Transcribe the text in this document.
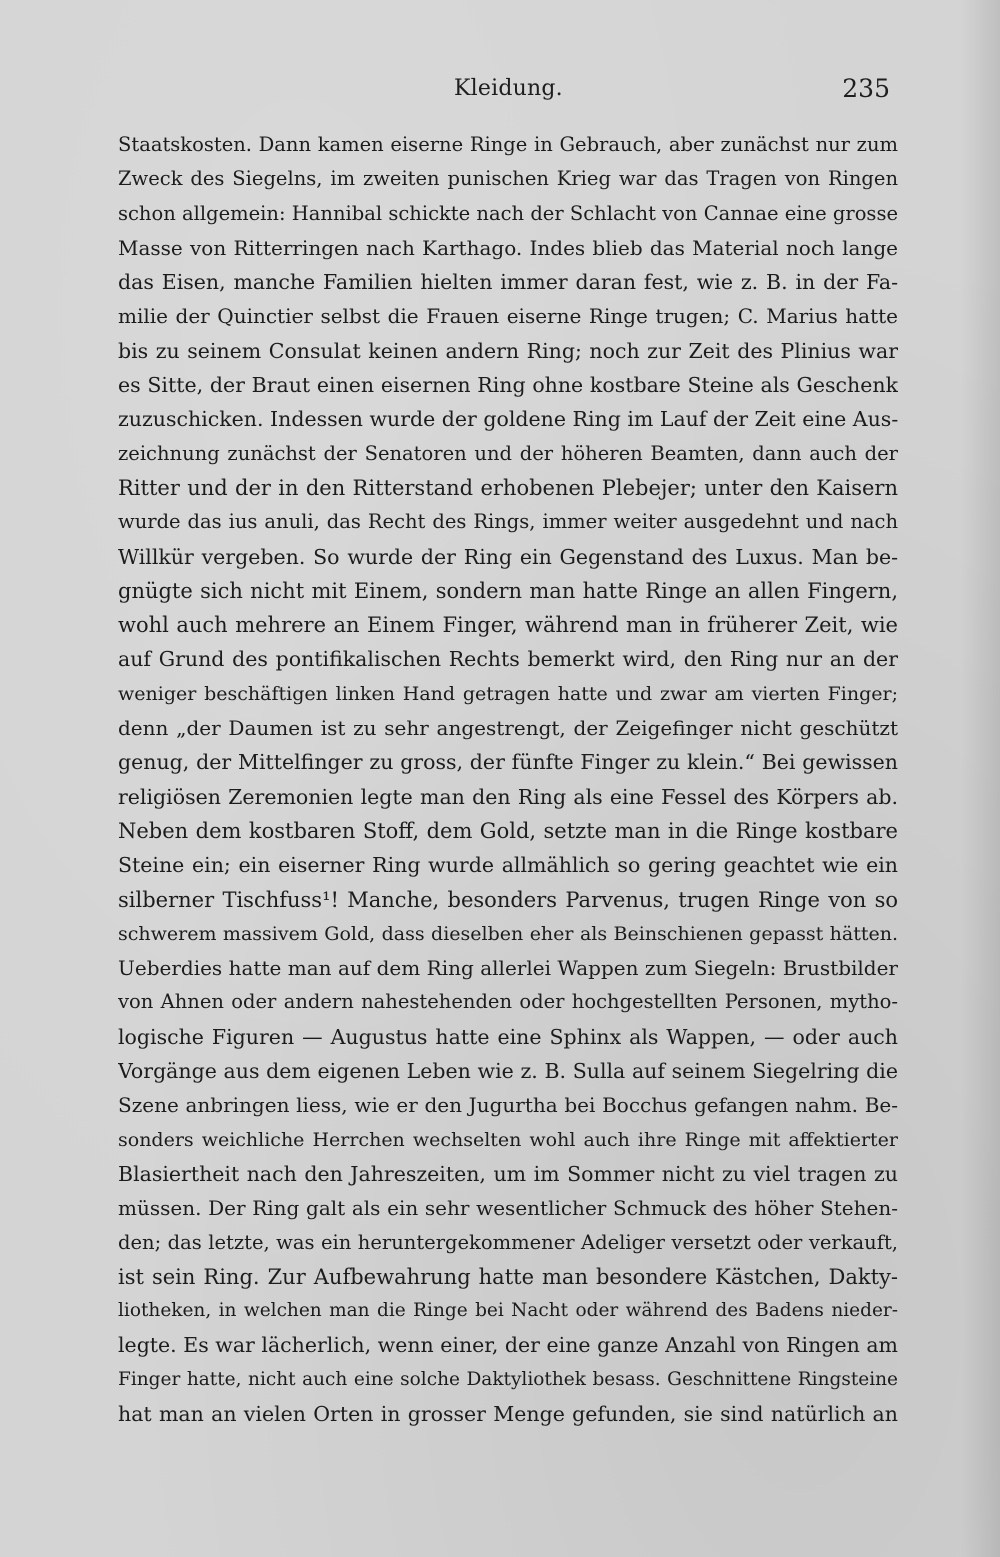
Kleidung.	235
Staatskosten. Dann kamen eiserne Ringe in Gebrauch, aber zunächst nur zum
Zweck des Siegelns, im zweiten punischen Krieg war das Tragen von Ringen
schon allgemein: Hannibal schickte nach der Schlacht von Cannae eine grosse
Masse von Ritterringen nach Karthago. Indes blieb das Material noch lange
das Eisen, manche Familien hielten immer daran fest, wie z. B. in der Fa-
milie der Quinctier selbst die Frauen eiserne Ringe trugen; C. Marius hatte
bis zu seinem Consulat keinen andern Ring; noch zur Zeit des Plinius war
es Sitte, der Braut einen eisernen Ring ohne kostbare Steine als Geschenk
zuzuschicken. Indessen wurde der goldene Ring im Lauf der Zeit eine Aus-
zeichnung zunächst der Senatoren und der höheren Beamten, dann auch der
Ritter und der in den Ritterstand erhobenen Plebejer; unter den Kaisern
wurde das ius anuli, das Recht des Rings, immer weiter ausgedehnt und nach
Willkür vergeben. So wurde der Ring ein Gegenstand des Luxus. Man be-
gnügte sich nicht mit Einem, sondern man hatte Ringe an allen Fingern,
wohl auch mehrere an Einem Finger, während man in früherer Zeit, wie
auf Grund des pontifikalischen Rechts bemerkt wird, den Ring nur an der
weniger beschäftigen linken Hand getragen hatte und zwar am vierten Finger;
denn „der Daumen ist zu sehr angestrengt, der Zeigefinger nicht geschützt
genug, der Mittelfinger zu gross, der fünfte Finger zu klein.“ Bei gewissen
religiösen Zeremonien legte man den Ring als eine Fessel des Körpers ab.
Neben dem kostbaren Stoff, dem Gold, setzte man in die Ringe kostbare
Steine ein; ein eiserner Ring wurde allmählich so gering geachtet wie ein
silberner Tischfuss¹! Manche, besonders Parvenus, trugen Ringe von so
schwerem massivem Gold, dass dieselben eher als Beinschienen gepasst hätten.
Ueberdies hatte man auf dem Ring allerlei Wappen zum Siegeln: Brustbilder
von Ahnen oder andern nahestehenden oder hochgestellten Personen, mytho-
logische Figuren — Augustus hatte eine Sphinx als Wappen, — oder auch
Vorgänge aus dem eigenen Leben wie z. B. Sulla auf seinem Siegelring die
Szene anbringen liess, wie er den Jugurtha bei Bocchus gefangen nahm. Be-
sonders weichliche Herrchen wechselten wohl auch ihre Ringe mit affektierter
Blasiertheit nach den Jahreszeiten, um im Sommer nicht zu viel tragen zu
müssen. Der Ring galt als ein sehr wesentlicher Schmuck des höher Stehen-
den; das letzte, was ein heruntergekommener Adeliger versetzt oder verkauft,
ist sein Ring. Zur Aufbewahrung hatte man besondere Kästchen, Dakty-
liotheken, in welchen man die Ringe bei Nacht oder während des Badens nieder-
legte. Es war lächerlich, wenn einer, der eine ganze Anzahl von Ringen am
Finger hatte, nicht auch eine solche Daktyliothek besass. Geschnittene Ringsteine
hat man an vielen Orten in grosser Menge gefunden, sie sind natürlich an
